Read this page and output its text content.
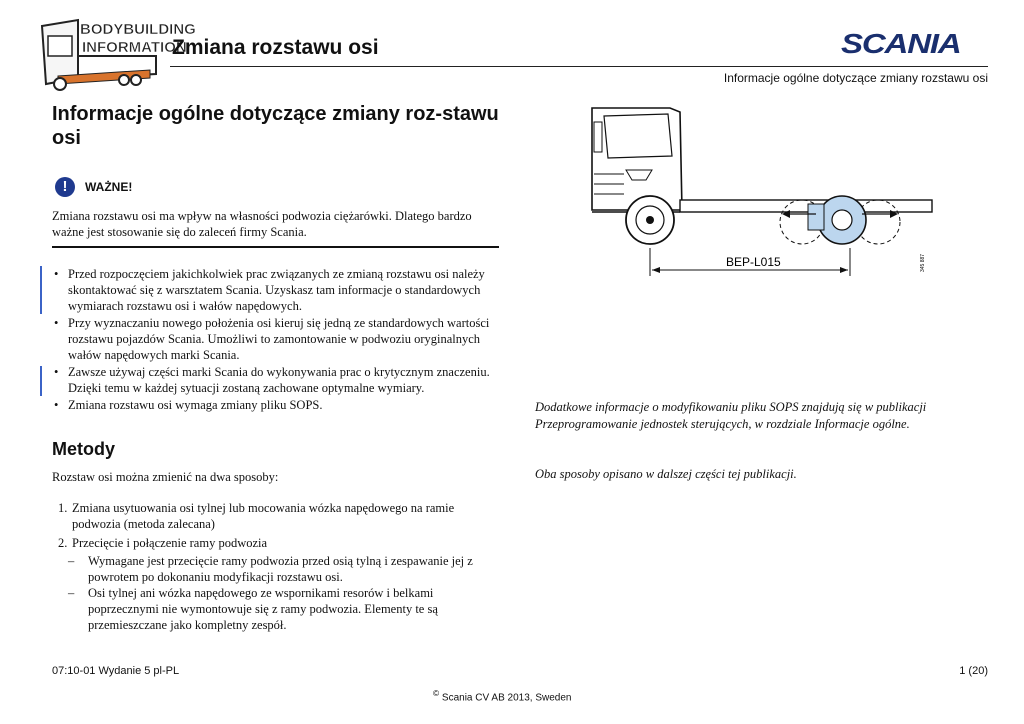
BODYBUILDING
INFORMATION
Zmiana rozstawu osi	SCANIA
Informacje ogólne dotyczące zmiany rozstawu osi
Informacje ogólne dotyczące zmiany roz-stawu osi
!	WAŻNE!
Zmiana rozstawu osi ma wpływ na własności podwozia ciężarówki. Dlatego bardzo ważne jest stosowanie się do zaleceń firmy Scania.
• Przed rozpoczęciem jakichkolwiek prac związanych ze zmianą rozstawu osi należy skontaktować się z warsztatem Scania. Uzyskasz tam informacje o standardowych wymiarach rozstawu osi i wałów napędowych.
• Przy wyznaczaniu nowego położenia osi kieruj się jedną ze standardowych wartości rozstawu pojazdów Scania. Umożliwi to zamontowanie w podwoziu oryginalnych wałów napędowych marki Scania.
• Zawsze używaj części marki Scania do wykonywania prac o krytycznym znaczeniu. Dzięki temu w każdej sytuacji zostaną zachowane optymalne wymiary.
• Zmiana rozstawu osi wymaga zmiany pliku SOPS.
Metody
Rozstaw osi można zmienić na dwa sposoby:
1. Zmiana usytuowania osi tylnej lub mocowania wózka napędowego na ramie podwozia (metoda zalecana)
2. Przecięcie i połączenie ramy podwozia
– Wymagane jest przecięcie ramy podwozia przed osią tylną i zespawanie jej z powrotem po dokonaniu modyfikacji rozstawu osi.
– Osi tylnej ani wózka napędowego ze wspornikami resorów i belkami poprzecznymi nie wymontowuje się z ramy podwozia. Elementy te są przemieszczane jako kompletny zespół.
BEP-L015	345 887
Dodatkowe informacje o modyfikowaniu pliku SOPS znajdują się w publikacji Przeprogramowanie jednostek sterujących, w rozdziale Informacje ogólne.
Oba sposoby opisano w dalszej części tej publikacji.
07:10-01 Wydanie 5 pl-PL	1 (20)
© Scania CV AB 2013, Sweden
